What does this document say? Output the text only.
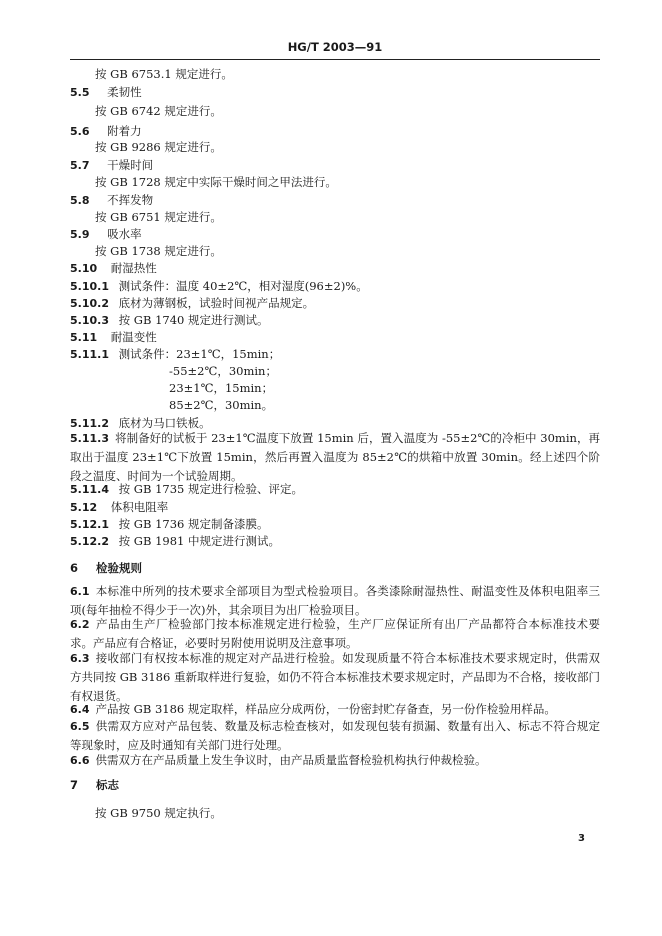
HG/T 2003—91
按 GB 6753.1 规定进行。
5.5 柔韧性
按 GB 6742 规定进行。
5.6 附着力
按 GB 9286 规定进行。
5.7 干燥时间
按 GB 1728 规定中实际干燥时间之甲法进行。
5.8 不挥发物
按 GB 6751 规定进行。
5.9 吸水率
按 GB 1738 规定进行。
5.10 耐湿热性
5.10.1 测试条件：温度 40±2℃，相对湿度(96±2)%。
5.10.2 底材为薄钢板，试验时间视产品规定。
5.10.3 按 GB 1740 规定进行测试。
5.11 耐温变性
5.11.1 测试条件：23±1℃，15min；
-55±2℃，30min；
23±1℃，15min；
85±2℃，30min。
5.11.2 底材为马口铁板。
5.11.3 将制备好的试板于 23±1℃温度下放置 15min 后，置入温度为 -55±2℃的冷柜中 30min，再取出于温度 23±1℃下放置 15min，然后再置入温度为 85±2℃的烘箱中放置 30min。经上述四个阶段之温度、时间为一个试验周期。
5.11.4 按 GB 1735 规定进行检验、评定。
5.12 体积电阻率
5.12.1 按 GB 1736 规定制备漆膜。
5.12.2 按 GB 1981 中规定进行测试。
6 检验规则
6.1 本标准中所列的技术要求全部项目为型式检验项目。各类漆除耐湿热性、耐温变性及体积电阻率三项(每年抽检不得少于一次)外，其余项目为出厂检验项目。
6.2 产品由生产厂检验部门按本标准规定进行检验，生产厂应保证所有出厂产品都符合本标准技术要求。产品应有合格证，必要时另附使用说明及注意事项。
6.3 接收部门有权按本标准的规定对产品进行检验。如发现质量不符合本标准技术要求规定时，供需双方共同按 GB 3186 重新取样进行复验，如仍不符合本标准技术要求规定时，产品即为不合格，接收部门有权退货。
6.4 产品按 GB 3186 规定取样，样品应分成两份，一份密封贮存备查，另一份作检验用样品。
6.5 供需双方应对产品包装、数量及标志检查核对，如发现包装有损漏、数量有出入、标志不符合规定等现象时，应及时通知有关部门进行处理。
6.6 供需双方在产品质量上发生争议时，由产品质量监督检验机构执行仲裁检验。
7 标志
按 GB 9750 规定执行。
3
